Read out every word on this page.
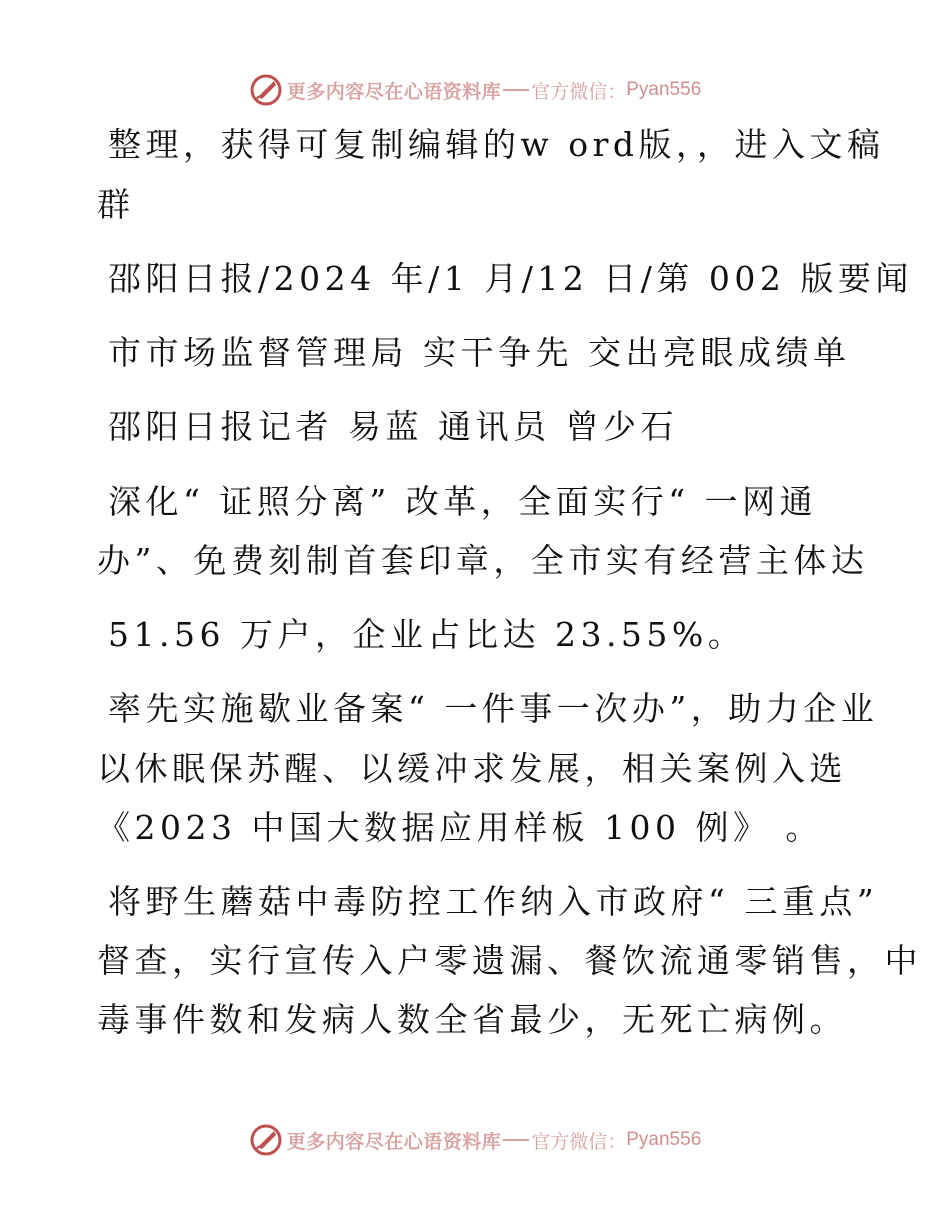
更多内容尽在心语资料库 官方微信： Pyan556
整理，获得可复制编辑的w ord版，，进入文稿
群
邵阳日报/2024 年/1 月/12 日/第 002 版要闻
市市场监督管理局 实干争先 交出亮眼成绩单
邵阳日报记者 易蓝 通讯员 曾少石
深化“ 证照分离” 改革，全面实行“ 一网通
办”、免费刻制首套印章，全市实有经营主体达
51.56 万户，企业占比达 23.55%。
率先实施歇业备案“ 一件事一次办”，助力企业
以休眠保苏醒、以缓冲求发展，相关案例入选
《2023 中国大数据应用样板 100 例》 。
将野生蘑菇中毒防控工作纳入市政府“ 三重点”
督查，实行宣传入户零遗漏、餐饮流通零销售，中
毒事件数和发病人数全省最少，无死亡病例。
更多内容尽在心语资料库 官方微信： Pyan556
